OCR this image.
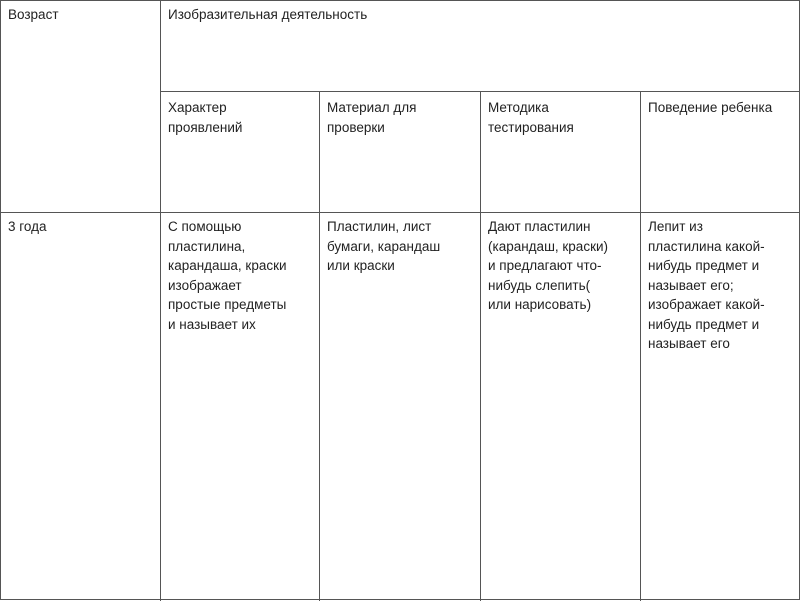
Возраст	Изобразительная деятельность
Характер
проявлений
Материал для
проверки
Методика
тестирования
Поведение ребенка
3 года	С помощью
пластилина,
карандаша, краски
изображает
простые предметы
и называет их
Пластилин, лист
бумаги, карандаш
или краски
Дают пластилин
(карандаш, краски)
и предлагают что-
нибудь слепить(
или нарисовать)
Лепит из
пластилина какой-
нибудь предмет и
называет его;
изображает какой-
нибудь предмет и
называет его
